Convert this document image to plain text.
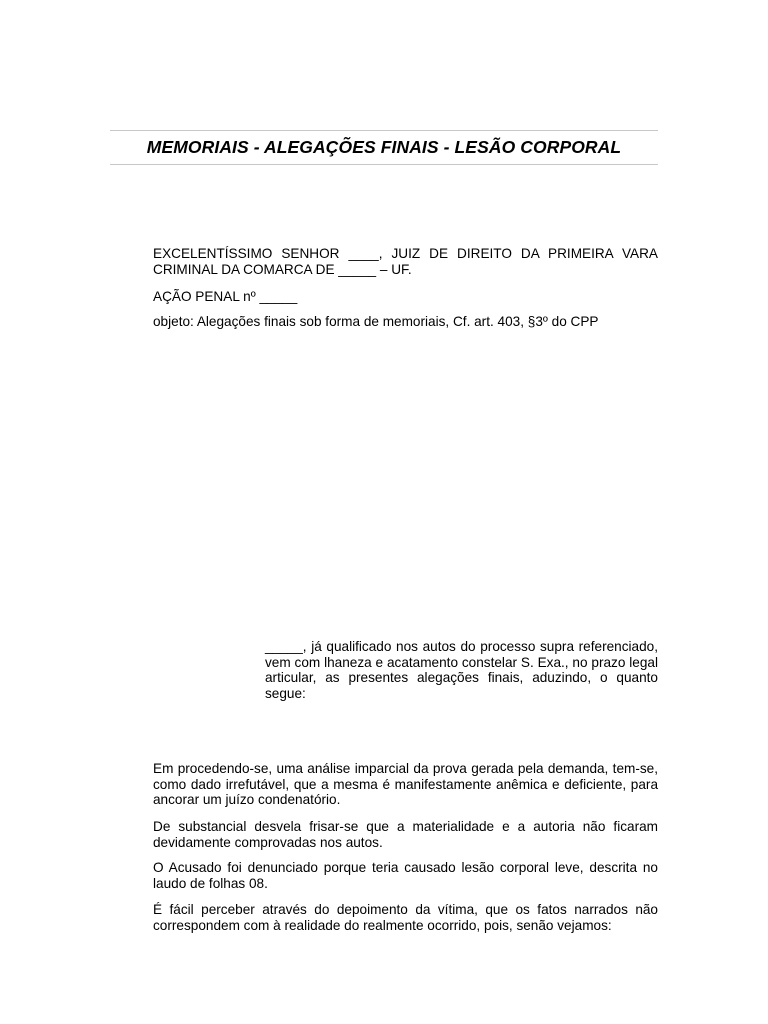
MEMORIAIS - ALEGAÇÕES FINAIS - LESÃO CORPORAL

EXCELENTÍSSIMO SENHOR ____, JUIZ DE DIREITO DA PRIMEIRA VARA CRIMINAL DA COMARCA DE _____ – UF.

AÇÃO PENAL nº _____

objeto: Alegações finais sob forma de memoriais, Cf. art. 403, §3º do CPP

_____, já qualificado nos autos do processo supra referenciado, vem com lhaneza e acatamento constelar S. Exa., no prazo legal articular, as presentes alegações finais, aduzindo, o quanto segue:

Em procedendo-se, uma análise imparcial da prova gerada pela demanda, tem-se, como dado irrefutável, que a mesma é manifestamente anêmica e deficiente, para ancorar um juízo condenatório.

De substancial desvela frisar-se que a materialidade e a autoria não ficaram devidamente comprovadas nos autos.

O Acusado foi denunciado porque teria causado lesão corporal leve, descrita no laudo de folhas 08.

É fácil perceber através do depoimento da vítima, que os fatos narrados não correspondem com à realidade do realmente ocorrido, pois, senão vejamos:
